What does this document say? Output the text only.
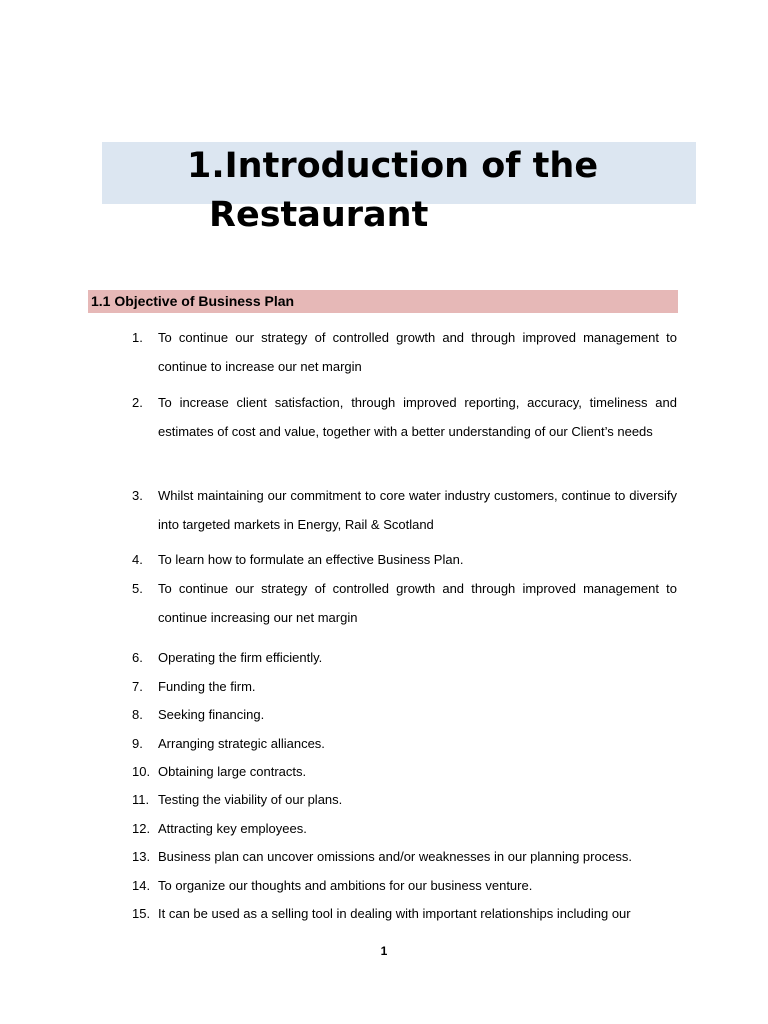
1.Introduction of the
Restaurant
1.1 Objective of Business Plan
1. To continue our strategy of controlled growth and through improved management to continue to increase our net margin
2. To increase client satisfaction, through improved reporting, accuracy, timeliness and estimates of cost and value, together with a better understanding of our Client’s needs
3. Whilst maintaining our commitment to core water industry customers, continue to diversify into targeted markets in Energy, Rail & Scotland
4. To learn how to formulate an effective Business Plan.
5. To continue our strategy of controlled growth and through improved management to continue increasing our net margin
6. Operating the firm efficiently.
7. Funding the firm.
8. Seeking financing.
9. Arranging strategic alliances.
10. Obtaining large contracts.
11. Testing the viability of our plans.
12. Attracting key employees.
13. Business plan can uncover omissions and/or weaknesses in our planning process.
14. To organize our thoughts and ambitions for our business venture.
15. It can be used as a selling tool in dealing with important relationships including our
1
